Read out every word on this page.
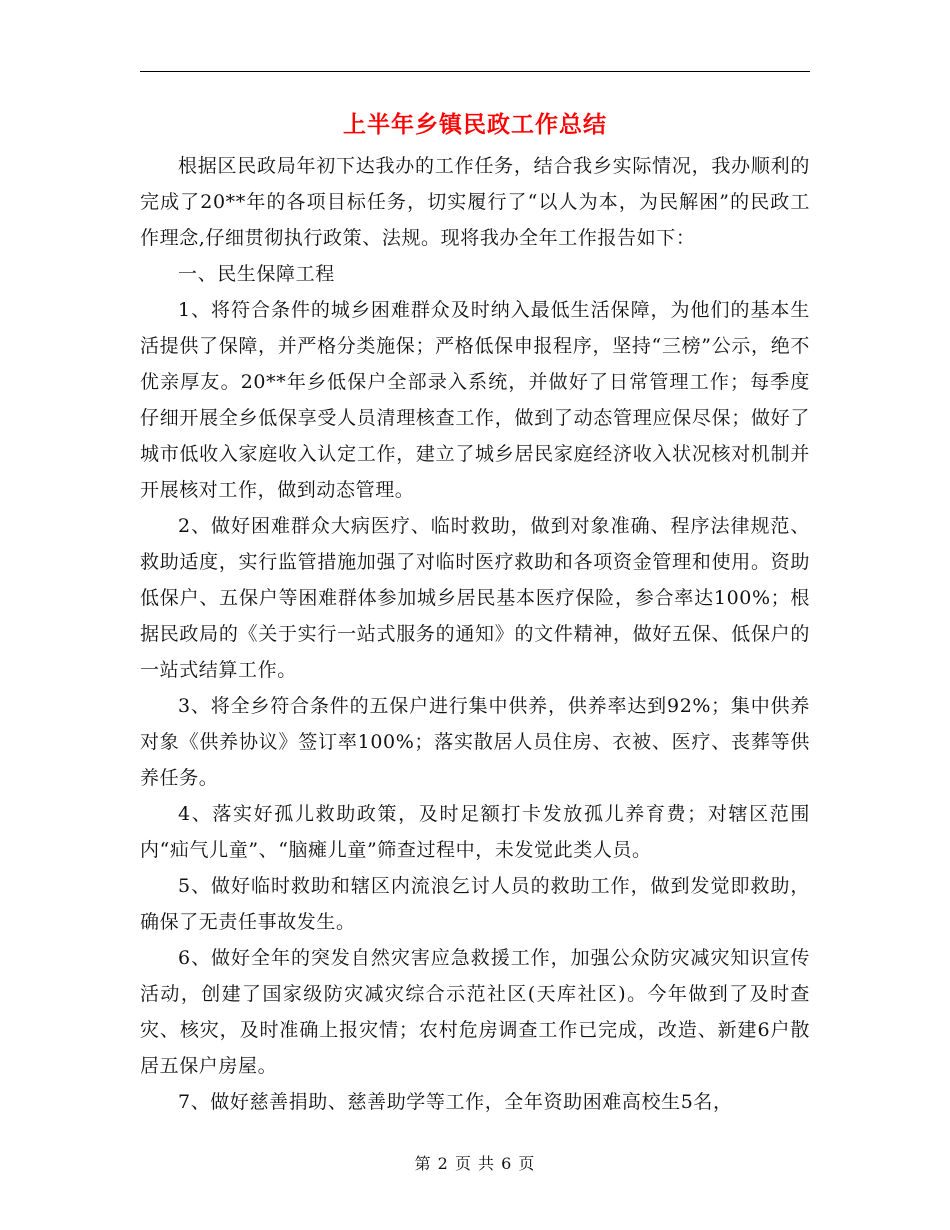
上半年乡镇民政工作总结

根据区民政局年初下达我办的工作任务，结合我乡实际情况，我办顺利的完成了20**年的各项目标任务，切实履行了“以人为本，为民解困”的民政工作理念,仔细贯彻执行政策、法规。现将我办全年工作报告如下：

一、民生保障工程

1、将符合条件的城乡困难群众及时纳入最低生活保障，为他们的基本生活提供了保障，并严格分类施保；严格低保申报程序，坚持“三榜”公示，绝不优亲厚友。20**年乡低保户全部录入系统，并做好了日常管理工作；每季度仔细开展全乡低保享受人员清理核查工作，做到了动态管理应保尽保；做好了城市低收入家庭收入认定工作，建立了城乡居民家庭经济收入状况核对机制并开展核对工作，做到动态管理。

2、做好困难群众大病医疗、临时救助，做到对象准确、程序法律规范、救助适度，实行监管措施加强了对临时医疗救助和各项资金管理和使用。资助低保户、五保户等困难群体参加城乡居民基本医疗保险，参合率达100%；根据民政局的《关于实行一站式服务的通知》的文件精神，做好五保、低保户的一站式结算工作。

3、将全乡符合条件的五保户进行集中供养，供养率达到92%；集中供养对象《供养协议》签订率100%；落实散居人员住房、衣被、医疗、丧葬等供养任务。

4、落实好孤儿救助政策，及时足额打卡发放孤儿养育费；对辖区范围内“疝气儿童”、“脑瘫儿童”筛查过程中，未发觉此类人员。

5、做好临时救助和辖区内流浪乞讨人员的救助工作，做到发觉即救助，确保了无责任事故发生。

6、做好全年的突发自然灾害应急救援工作，加强公众防灾减灾知识宣传活动，创建了国家级防灾减灾综合示范社区(天库社区)。今年做到了及时查灾、核灾，及时准确上报灾情；农村危房调查工作已完成，改造、新建6户散居五保户房屋。

7、做好慈善捐助、慈善助学等工作，全年资助困难高校生5名，

第 2 页 共 6 页
